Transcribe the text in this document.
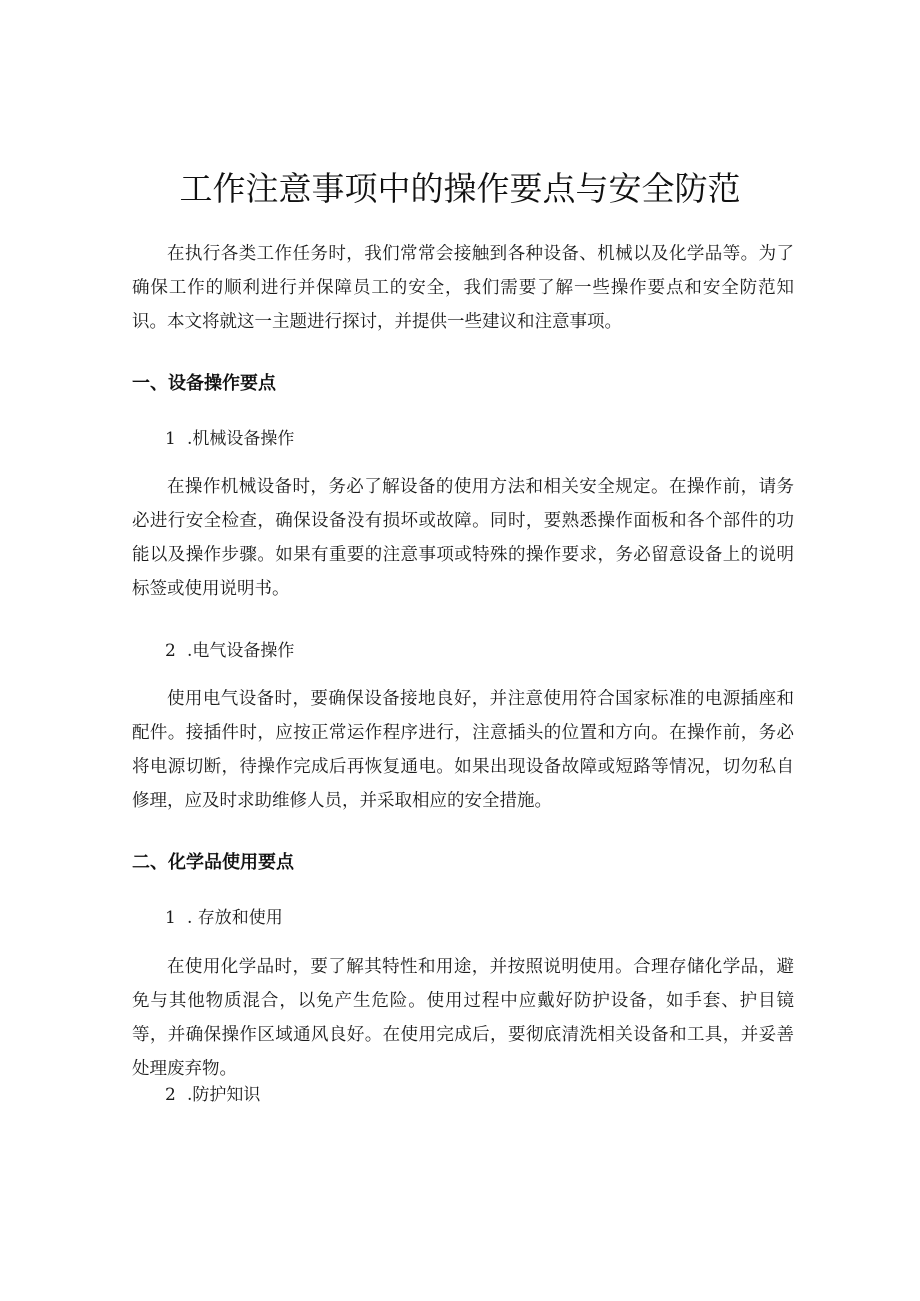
工作注意事项中的操作要点与安全防范

在执行各类工作任务时，我们常常会接触到各种设备、机械以及化学品等。为了确保工作的顺利进行并保障员工的安全，我们需要了解一些操作要点和安全防范知识。本文将就这一主题进行探讨，并提供一些建议和注意事项。

一、设备操作要点
1 .机械设备操作

在操作机械设备时，务必了解设备的使用方法和相关安全规定。在操作前，请务必进行安全检查，确保设备没有损坏或故障。同时，要熟悉操作面板和各个部件的功能以及操作步骤。如果有重要的注意事项或特殊的操作要求，务必留意设备上的说明标签或使用说明书。

2 .电气设备操作

使用电气设备时，要确保设备接地良好，并注意使用符合国家标准的电源插座和配件。接插件时，应按正常运作程序进行，注意插头的位置和方向。在操作前，务必将电源切断，待操作完成后再恢复通电。如果出现设备故障或短路等情况，切勿私自修理，应及时求助维修人员，并采取相应的安全措施。

二、化学品使用要点
1 . 存放和使用

在使用化学品时，要了解其特性和用途，并按照说明使用。合理存储化学品，避免与其他物质混合，以免产生危险。使用过程中应戴好防护设备，如手套、护目镜等，并确保操作区域通风良好。在使用完成后，要彻底清洗相关设备和工具，并妥善处理废弃物。

2 .防护知识
